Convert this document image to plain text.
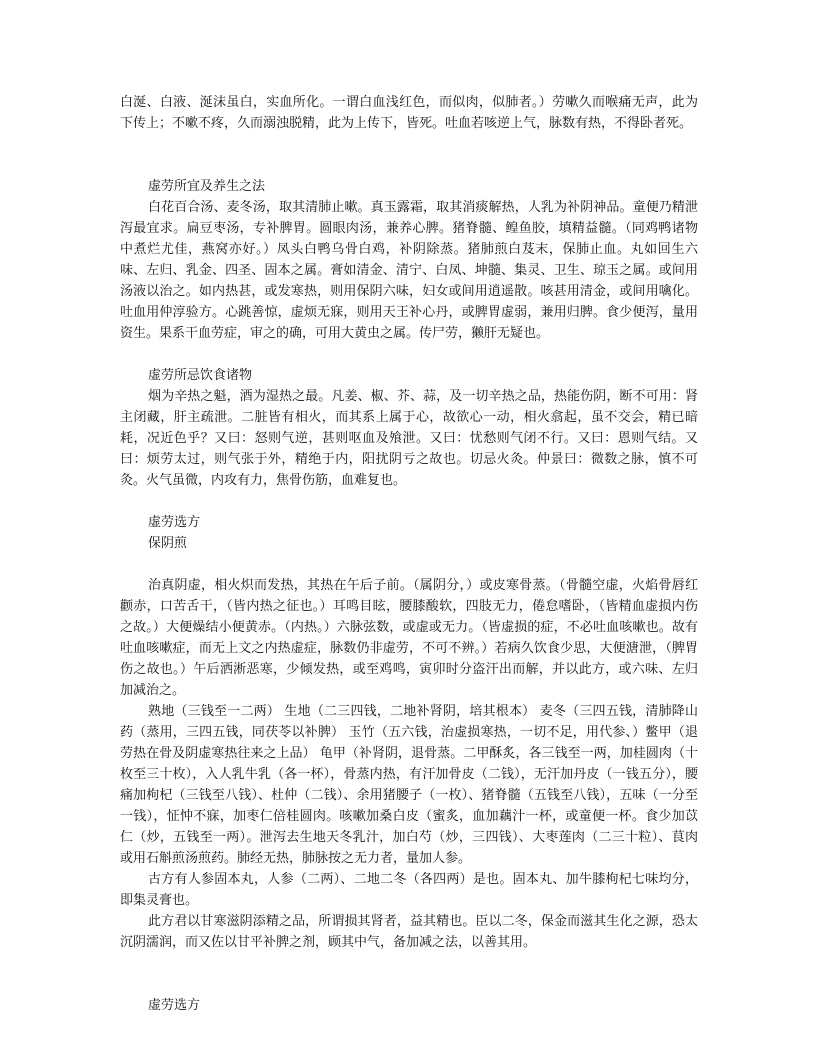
白涎、白液、涎沫虽白，实血所化。一谓白血浅红色，而似肉，似肺者。）劳嗽久而喉痛无声，此为下传上；不嗽不疼，久而溺浊脱精，此为上传下，皆死。吐血若咳逆上气，脉数有热，不得卧者死。

虚劳所宜及养生之法

白花百合汤、麦冬汤，取其清肺止嗽。真玉露霜，取其消痰解热，人乳为补阴神品。童便乃精泄泻最宜求。扁豆枣汤，专补脾胃。圆眼肉汤，兼养心脾。猪脊髓、鳇鱼胶，填精益髓。（同鸡鸭诸物中煮烂尤佳，燕窝亦好。）凤头白鸭乌骨白鸡，补阴除蒸。猪肺煎白芨末，保肺止血。丸如回生六味、左归、乳金、四圣、固本之属。膏如清金、清宁、白凤、坤髓、集灵、卫生、琼玉之属。或间用汤液以治之。如内热甚，或发寒热，则用保阴六味，妇女或间用逍遥散。咳甚用清金，或间用噙化。吐血用仲淳验方。心跳善惊，虚烦无寐，则用天王补心丹，或脾胃虚弱，兼用归脾。食少便泻，量用资生。果系干血劳症，审之的确，可用大黄虫之属。传尸劳，獭肝无疑也。

虚劳所忌饮食诸物

烟为辛热之魁，酒为湿热之最。凡姜、椒、芥、蒜，及一切辛热之品，热能伤阴，断不可用：肾主闭藏，肝主疏泄。二脏皆有相火，而其系上属于心，故欲心一动，相火翕起，虽不交会，精已暗耗，况近色乎？又曰：怒则气逆，甚则呕血及飧泄。又曰：忧愁则气闭不行。又曰：恩则气结。又曰：烦劳太过，则气张于外，精绝于内，阳扰阴亏之故也。切忌火灸。仲景曰：微数之脉，慎不可灸。火气虽微，内攻有力，焦骨伤筋，血难复也。

虚劳选方

保阴煎

治真阴虚，相火炽而发热，其热在午后子前。（属阴分，）或皮寒骨蒸。（骨髓空虚，火焰骨唇红颧赤，口苦舌干，（皆内热之征也。）耳鸣目眩，腰膝酸软，四肢无力，倦怠嗜卧，（皆精血虚损内伤之故。）大便燥结小便黄赤。（内热。）六脉弦数，或虚或无力。（皆虚损的症，不必吐血咳嗽也。故有吐血咳嗽症，而无上文之内热虚症，脉数仍非虚劳，不可不辨。）若病久饮食少思，大便溏泄，（脾胃伤之故也。）午后洒淅恶寒，少倾发热，或至鸡鸣，寅卯时分盗汗出而解，并以此方，或六味、左归加减治之。

熟地（三钱至一二两） 生地（二三四钱，二地补肾阴，培其根本） 麦冬（三四五钱，清肺降山药（蒸用，三四五钱，同茯苓以补脾） 玉竹（五六钱，治虚损寒热，一切不足，用代参、）鳖甲（退劳热在骨及阴虚寒热往来之上品） 龟甲（补肾阴，退骨蒸。二甲酥炙，各三钱至一两，加桂圆肉（十枚至三十枚），入人乳牛乳（各一杯），骨蒸内热，有汗加骨皮（二钱），无汗加丹皮（一钱五分），腰痛加枸杞（三钱至八钱）、杜仲（二钱）、余用猪腰子（一枚）、猪脊髓（五钱至八钱），五味（一分至一钱），怔忡不寐，加枣仁倍桂圆肉。咳嗽加桑白皮（蜜炙，血加藕汁一杯，或童便一杯。食少加苡仁（炒，五钱至一两）。泄泻去生地天冬乳汁，加白芍（炒，三四钱）、大枣莲肉（二三十粒）、茛肉或用石斛煎汤煎药。肺经无热，肺脉按之无力者，量加人参。

古方有人参固本丸，人参（二两）、二地二冬（各四两）是也。固本丸、加牛膝枸杞七味均分，即集灵膏也。

此方君以甘寒滋阴添精之品，所谓损其肾者，益其精也。臣以二冬，保金而滋其生化之源，恐太沉阴濡润，而又佐以甘平补脾之剂，顾其中气，备加减之法，以善其用。

虚劳选方
